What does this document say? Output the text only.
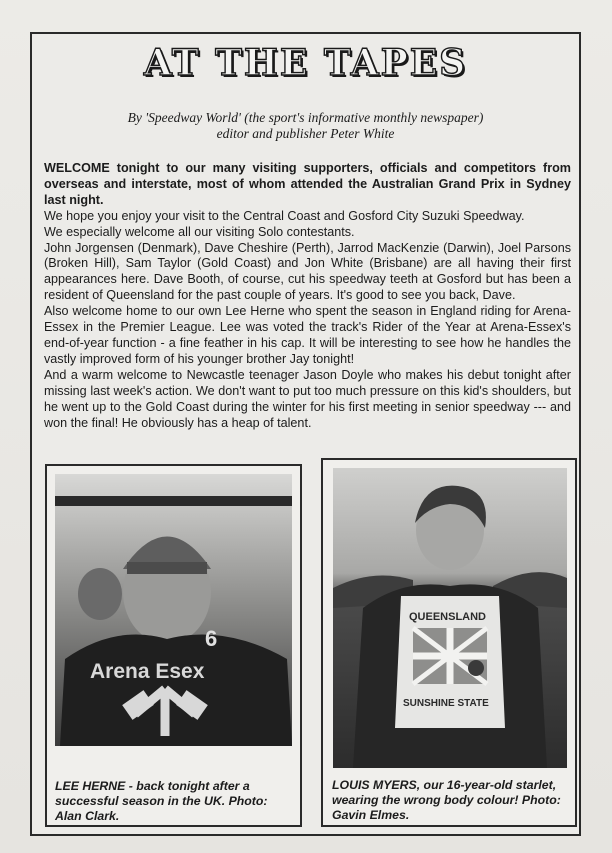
AT THE TAPES
By 'Speedway World' (the sport's informative monthly newspaper)
editor and publisher Peter White

WELCOME tonight to our many visiting supporters, officials and competitors from overseas and interstate, most of whom attended the Australian Grand Prix in Sydney last night.

We hope you enjoy your visit to the Central Coast and Gosford City Suzuki Speedway.

We especially welcome all our visiting Solo contestants.

John Jorgensen (Denmark), Dave Cheshire (Perth), Jarrod MacKenzie (Darwin), Joel Parsons (Broken Hill), Sam Taylor (Gold Coast) and Jon White (Brisbane) are all having their first appearances here. Dave Booth, of course, cut his speedway teeth at Gosford but has been a resident of Queensland for the past couple of years. It's good to see you back, Dave.

Also welcome home to our own Lee Herne who spent the season in England riding for Arena-Essex in the Premier League. Lee was voted the track's Rider of the Year at Arena-Essex's end-of-year function - a fine feather in his cap. It will be interesting to see how he handles the vastly improved form of his younger brother Jay tonight!

And a warm welcome to Newcastle teenager Jason Doyle who makes his debut tonight after missing last week's action. We don't want to put too much pressure on this kid's shoulders, but he went up to the Gold Coast during the winter for his first meeting in senior speedway --- and won the final! He obviously has a heap of talent.

Arena Esex
6
LEE HERNE - back tonight after a successful season in the UK. Photo: Alan Clark.
QUEENSLAND
SUNSHINE STATE
LOUIS MYERS, our 16-year-old starlet, wearing the wrong body colour! Photo: Gavin Elmes.
